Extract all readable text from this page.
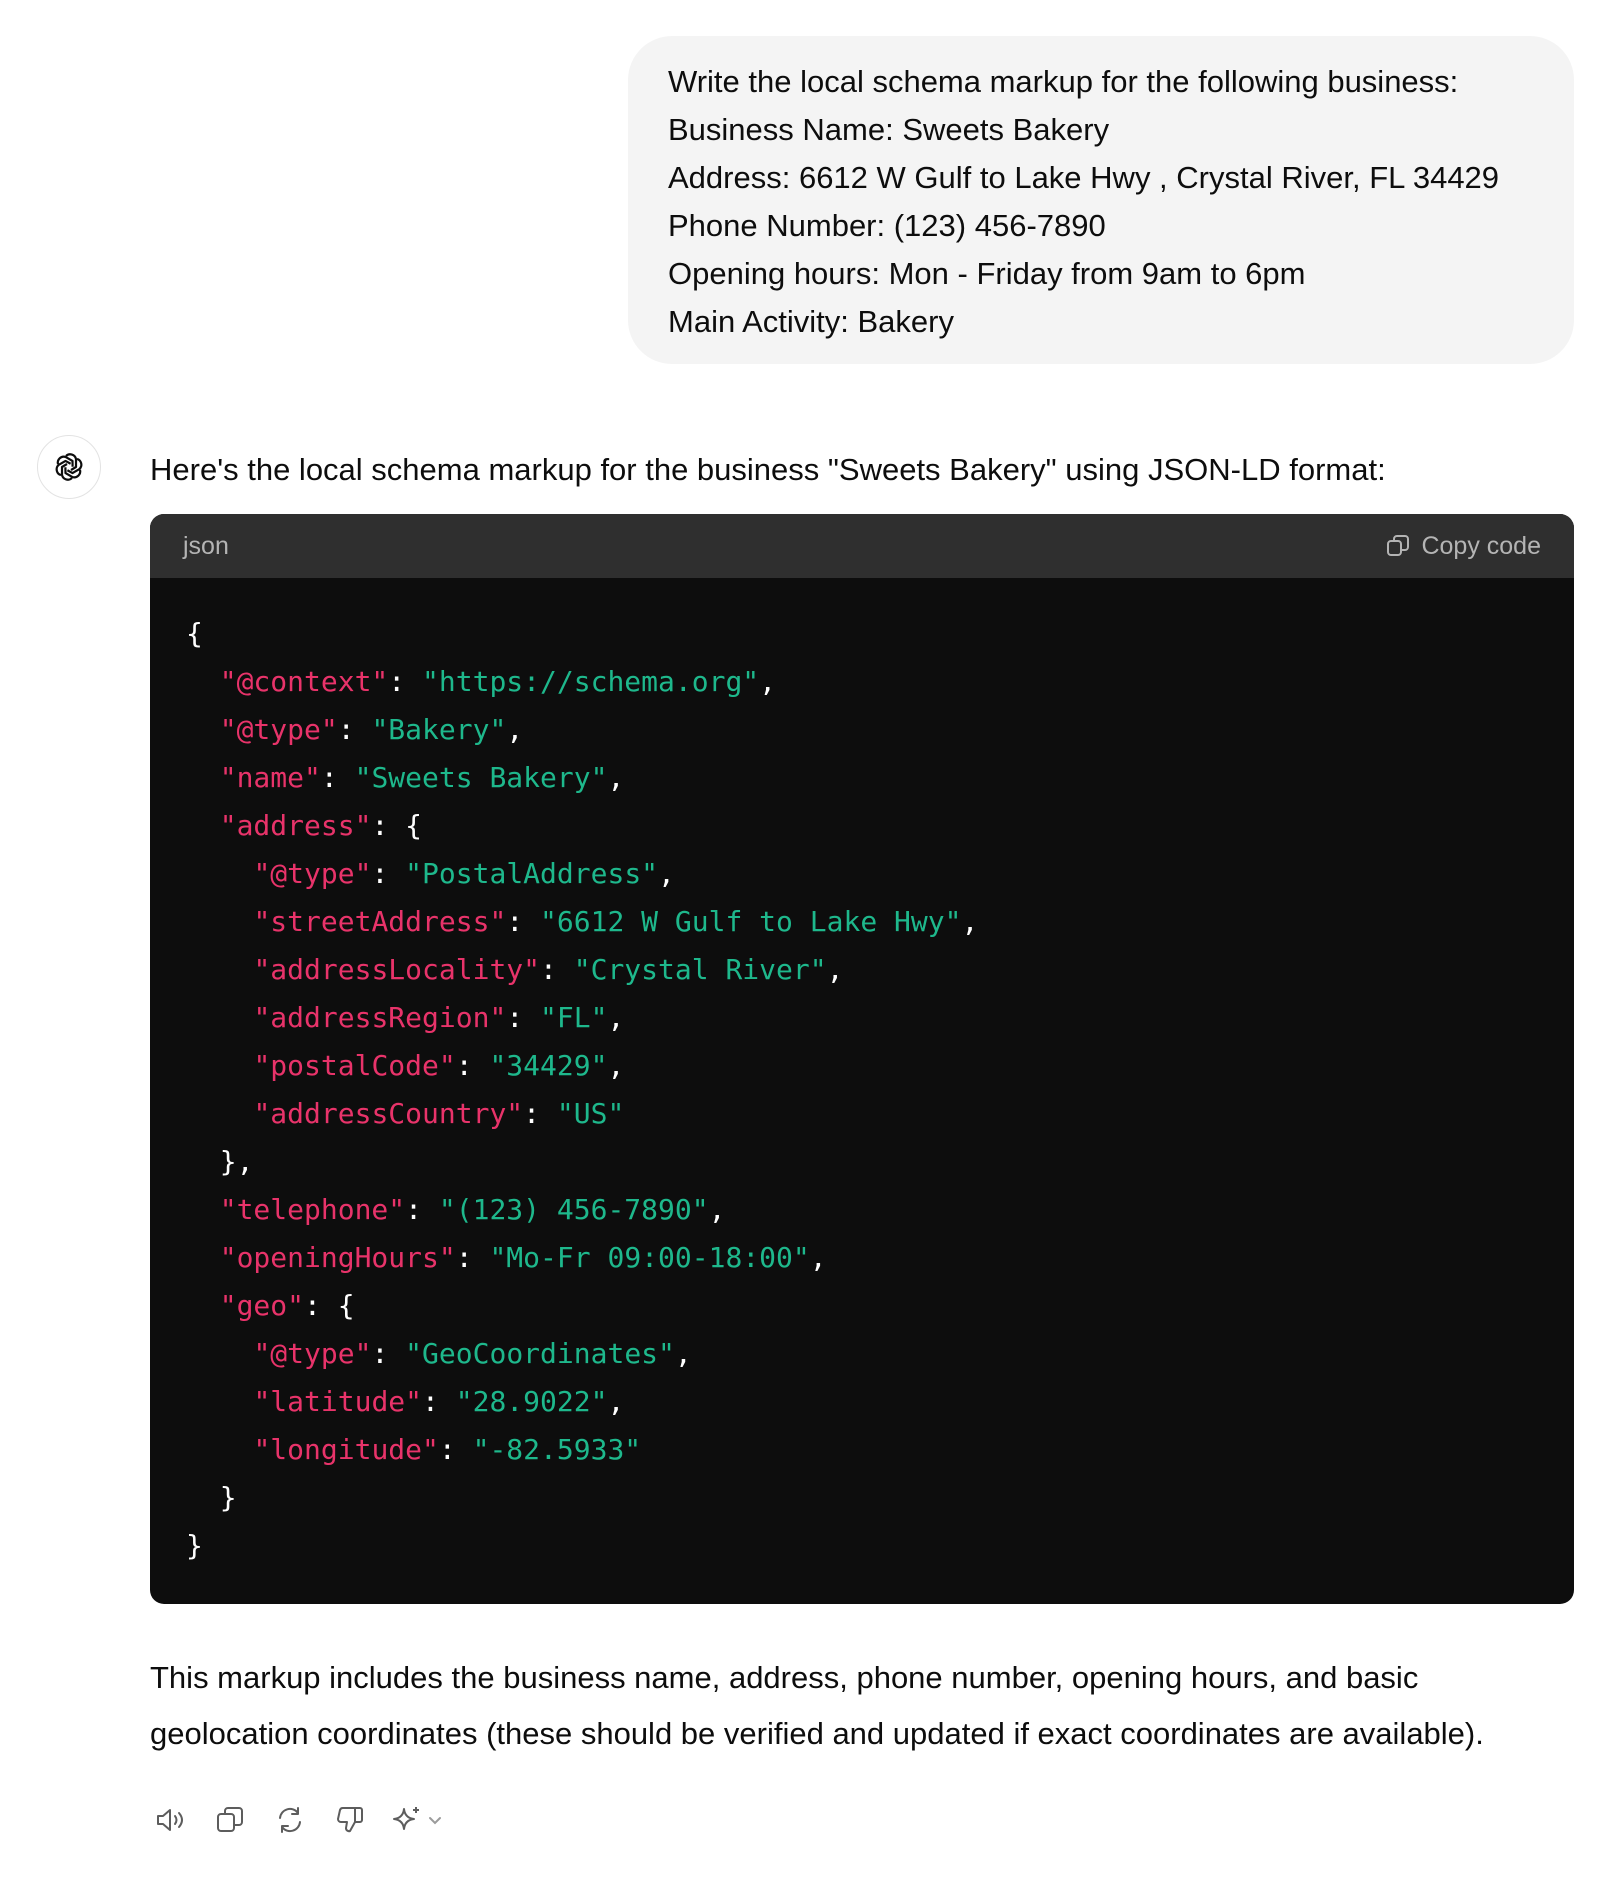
Write the local schema markup for the following business:
Business Name: Sweets Bakery
Address: 6612 W Gulf to Lake Hwy , Crystal River, FL 34429
Phone Number: (123) 456-7890
Opening hours: Mon - Friday from 9am to 6pm
Main Activity: Bakery
Here's the local schema markup for the business "Sweets Bakery" using JSON-LD format:
json	Copy code
{
"@context": "https://schema.org",
"@type": "Bakery",
"name": "Sweets Bakery",
"address": {
"@type": "PostalAddress",
"streetAddress": "6612 W Gulf to Lake Hwy",
"addressLocality": "Crystal River",
"addressRegion": "FL",
"postalCode": "34429",
"addressCountry": "US"
},
"telephone": "(123) 456-7890",
"openingHours": "Mo-Fr 09:00-18:00",
"geo": {
"@type": "GeoCoordinates",
"latitude": "28.9022",
"longitude": "-82.5933"
}
}
This markup includes the business name, address, phone number, opening hours, and basic geolocation coordinates (these should be verified and updated if exact coordinates are available).
